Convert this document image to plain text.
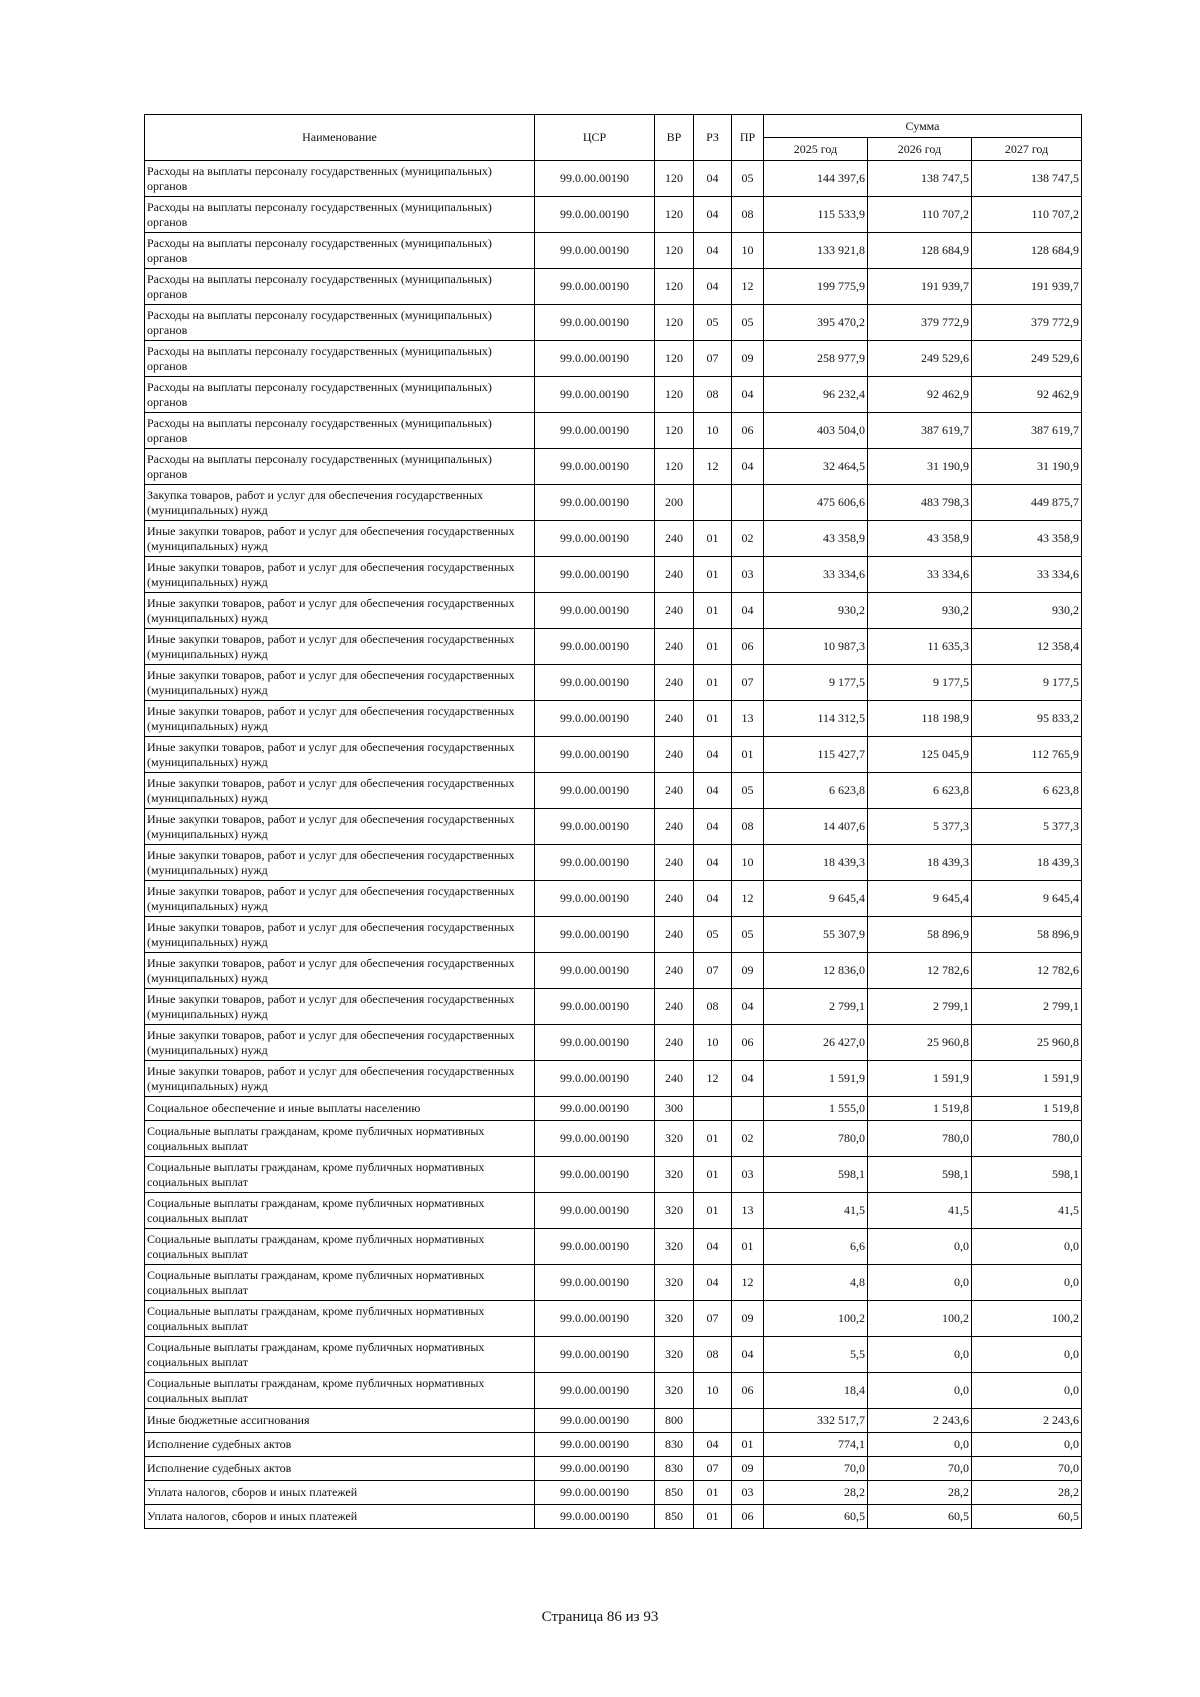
Наименование	ЦСР	ВР	РЗ	ПР	Сумма		
					2025 год	2026 год	2027 год
Расходы на выплаты персоналу государственных (муниципальных) органов	99.0.00.00190	120	04	05	144 397,6	138 747,5	138 747,5
Расходы на выплаты персоналу государственных (муниципальных) органов	99.0.00.00190	120	04	08	115 533,9	110 707,2	110 707,2
Расходы на выплаты персоналу государственных (муниципальных) органов	99.0.00.00190	120	04	10	133 921,8	128 684,9	128 684,9
Расходы на выплаты персоналу государственных (муниципальных) органов	99.0.00.00190	120	04	12	199 775,9	191 939,7	191 939,7
Расходы на выплаты персоналу государственных (муниципальных) органов	99.0.00.00190	120	05	05	395 470,2	379 772,9	379 772,9
Расходы на выплаты персоналу государственных (муниципальных) органов	99.0.00.00190	120	07	09	258 977,9	249 529,6	249 529,6
Расходы на выплаты персоналу государственных (муниципальных) органов	99.0.00.00190	120	08	04	96 232,4	92 462,9	92 462,9
Расходы на выплаты персоналу государственных (муниципальных) органов	99.0.00.00190	120	10	06	403 504,0	387 619,7	387 619,7
Расходы на выплаты персоналу государственных (муниципальных) органов	99.0.00.00190	120	12	04	32 464,5	31 190,9	31 190,9
Закупка товаров, работ и услуг для обеспечения государственных (муниципальных) нужд	99.0.00.00190	200			475 606,6	483 798,3	449 875,7
Иные закупки товаров, работ и услуг для обеспечения государственных (муниципальных) нужд	99.0.00.00190	240	01	02	43 358,9	43 358,9	43 358,9
Иные закупки товаров, работ и услуг для обеспечения государственных (муниципальных) нужд	99.0.00.00190	240	01	03	33 334,6	33 334,6	33 334,6
Иные закупки товаров, работ и услуг для обеспечения государственных (муниципальных) нужд	99.0.00.00190	240	01	04	930,2	930,2	930,2
Иные закупки товаров, работ и услуг для обеспечения государственных (муниципальных) нужд	99.0.00.00190	240	01	06	10 987,3	11 635,3	12 358,4
Иные закупки товаров, работ и услуг для обеспечения государственных (муниципальных) нужд	99.0.00.00190	240	01	07	9 177,5	9 177,5	9 177,5
Иные закупки товаров, работ и услуг для обеспечения государственных (муниципальных) нужд	99.0.00.00190	240	01	13	114 312,5	118 198,9	95 833,2
Иные закупки товаров, работ и услуг для обеспечения государственных (муниципальных) нужд	99.0.00.00190	240	04	01	115 427,7	125 045,9	112 765,9
Иные закупки товаров, работ и услуг для обеспечения государственных (муниципальных) нужд	99.0.00.00190	240	04	05	6 623,8	6 623,8	6 623,8
Иные закупки товаров, работ и услуг для обеспечения государственных (муниципальных) нужд	99.0.00.00190	240	04	08	14 407,6	5 377,3	5 377,3
Иные закупки товаров, работ и услуг для обеспечения государственных (муниципальных) нужд	99.0.00.00190	240	04	10	18 439,3	18 439,3	18 439,3
Иные закупки товаров, работ и услуг для обеспечения государственных (муниципальных) нужд	99.0.00.00190	240	04	12	9 645,4	9 645,4	9 645,4
Иные закупки товаров, работ и услуг для обеспечения государственных (муниципальных) нужд	99.0.00.00190	240	05	05	55 307,9	58 896,9	58 896,9
Иные закупки товаров, работ и услуг для обеспечения государственных (муниципальных) нужд	99.0.00.00190	240	07	09	12 836,0	12 782,6	12 782,6
Иные закупки товаров, работ и услуг для обеспечения государственных (муниципальных) нужд	99.0.00.00190	240	08	04	2 799,1	2 799,1	2 799,1
Иные закупки товаров, работ и услуг для обеспечения государственных (муниципальных) нужд	99.0.00.00190	240	10	06	26 427,0	25 960,8	25 960,8
Иные закупки товаров, работ и услуг для обеспечения государственных (муниципальных) нужд	99.0.00.00190	240	12	04	1 591,9	1 591,9	1 591,9
Социальное обеспечение и иные выплаты населению	99.0.00.00190	300			1 555,0	1 519,8	1 519,8
Социальные выплаты гражданам, кроме публичных нормативных социальных выплат	99.0.00.00190	320	01	02	780,0	780,0	780,0
Социальные выплаты гражданам, кроме публичных нормативных социальных выплат	99.0.00.00190	320	01	03	598,1	598,1	598,1
Социальные выплаты гражданам, кроме публичных нормативных социальных выплат	99.0.00.00190	320	01	13	41,5	41,5	41,5
Социальные выплаты гражданам, кроме публичных нормативных социальных выплат	99.0.00.00190	320	04	01	6,6	0,0	0,0
Социальные выплаты гражданам, кроме публичных нормативных социальных выплат	99.0.00.00190	320	04	12	4,8	0,0	0,0
Социальные выплаты гражданам, кроме публичных нормативных социальных выплат	99.0.00.00190	320	07	09	100,2	100,2	100,2
Социальные выплаты гражданам, кроме публичных нормативных социальных выплат	99.0.00.00190	320	08	04	5,5	0,0	0,0
Социальные выплаты гражданам, кроме публичных нормативных социальных выплат	99.0.00.00190	320	10	06	18,4	0,0	0,0
Иные бюджетные ассигнования	99.0.00.00190	800			332 517,7	2 243,6	2 243,6
Исполнение судебных актов	99.0.00.00190	830	04	01	774,1	0,0	0,0
Исполнение судебных актов	99.0.00.00190	830	07	09	70,0	70,0	70,0
Уплата налогов, сборов и иных платежей	99.0.00.00190	850	01	03	28,2	28,2	28,2
Уплата налогов, сборов и иных платежей	99.0.00.00190	850	01	06	60,5	60,5	60,5
Страница 86 из 93
